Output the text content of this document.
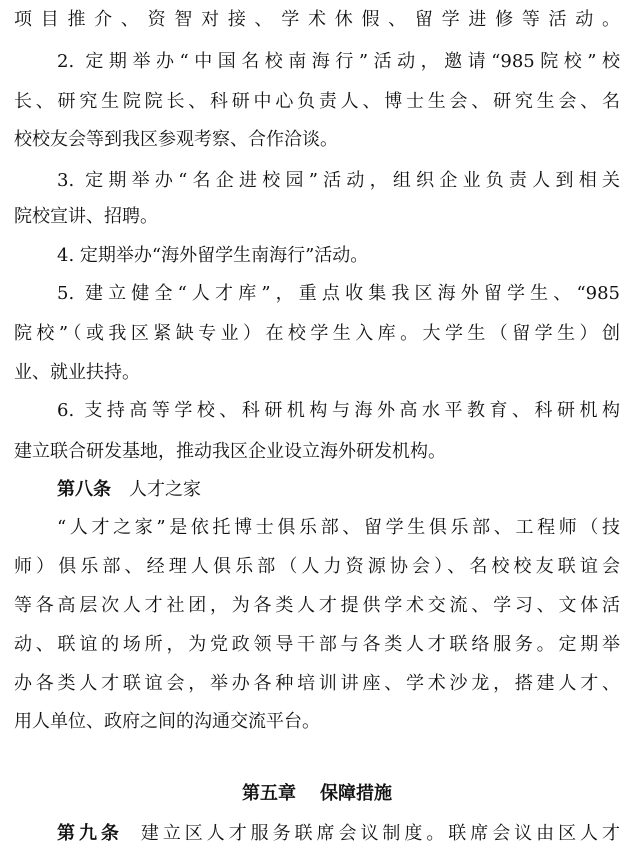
项目推介、资智对接、学术休假、留学进修等活动。
2. 定期举办“中国名校南海行”活动，邀请“985院校”校
长、研究生院院长、科研中心负责人、博士生会、研究生会、名
校校友会等到我区参观考察、合作洽谈。
3. 定期举办“名企进校园”活动，组织企业负责人到相关
院校宣讲、招聘。
4. 定期举办“海外留学生南海行”活动。
5. 建立健全“人才库”，重点收集我区海外留学生、“985
院校”（或我区紧缺专业）在校学生入库。大学生（留学生）创
业、就业扶持。
6. 支持高等学校、科研机构与海外高水平教育、科研机构
建立联合研发基地，推动我区企业设立海外研发机构。
第八条 人才之家
“人才之家”是依托博士俱乐部、留学生俱乐部、工程师（技
师）俱乐部、经理人俱乐部（人力资源协会）、名校校友联谊会
等各高层次人才社团，为各类人才提供学术交流、学习、文体活
动、联谊的场所，为党政领导干部与各类人才联络服务。定期举
办各类人才联谊会，举办各种培训讲座、学术沙龙，搭建人才、
用人单位、政府之间的沟通交流平台。
第五章 保障措施
第九条 建立区人才服务联席会议制度。联席会议由区人才
